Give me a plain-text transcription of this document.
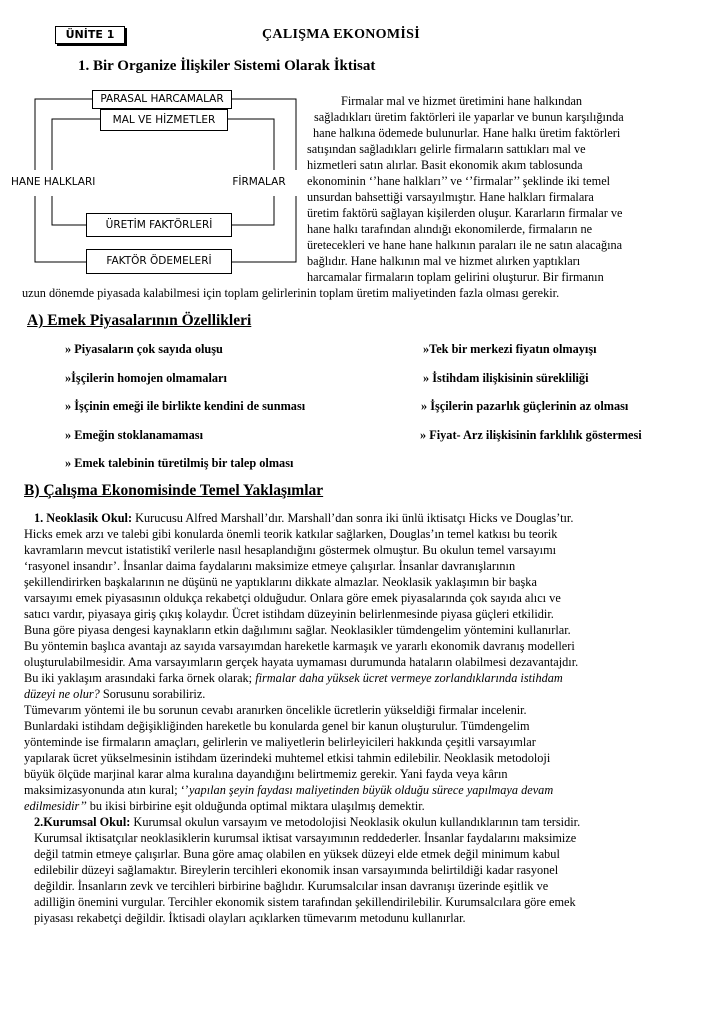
ÜNİTE 1	ÇALIŞMA EKONOMİSİ
1. Bir Organize İlişkiler Sistemi Olarak İktisat
PARASAL HARCAMALAR
MAL VE HİZMETLER
HANE HALKLARI	FİRMALAR
ÜRETİM FAKTÖRLERİ
FAKTÖR ÖDEMELERİ
Firmalar mal ve hizmet üretimini hane halkından
sağladıkları üretim faktörleri ile yaparlar ve bunun karşılığında
hane halkına ödemede bulunurlar. Hane halkı üretim faktörleri
satışından sağladıkları gelirle firmaların sattıkları mal ve
hizmetleri satın alırlar. Basit ekonomik akım tablosunda
ekonominin ‘’hane halkları’’ ve ‘’firmalar’’ şeklinde iki temel
unsurdan bahsettiği varsayılmıştır. Hane halkları firmalara
üretim faktörü sağlayan kişilerden oluşur. Kararların firmalar ve
hane halkı tarafından alındığı ekonomilerde, firmaların ne
üretecekleri ve hane hane halkının paraları ile ne satın alacağına
bağlıdır. Hane halkının mal ve hizmet alırken yaptıkları
harcamalar firmaların toplam gelirini oluşturur. Bir firmanın
uzun dönemde piyasada kalabilmesi için toplam gelirlerinin toplam üretim maliyetinden fazla olması gerekir.
A) Emek Piyasalarının Özellikleri
» Piyasaların çok sayıda oluşu
»İşçilerin homojen olmamaları
» İşçinin emeği ile birlikte kendini de sunması
» Emeğin stoklanamaması
» Emek talebinin türetilmiş bir talep olması
»Tek bir merkezi fiyatın olmayışı
» İstihdam ilişkisinin sürekliliği
» İşçilerin pazarlık güçlerinin az olması
» Fiyat- Arz ilişkisinin farklılık göstermesi
B) Çalışma Ekonomisinde Temel Yaklaşımlar
1. Neoklasik Okul: Kurucusu Alfred Marshall’dır. Marshall’dan sonra iki ünlü iktisatçı Hicks ve Douglas’tır.
Hicks emek arzı ve talebi gibi konularda önemli teorik katkılar sağlarken, Douglas’ın temel katkısı bu teorik
kavramların mevcut istatistikî verilerle nasıl hesaplandığını göstermek olmuştur. Bu okulun temel varsayımı
‘rasyonel insandır’. İnsanlar daima faydalarını maksimize etmeye çalışırlar. İnsanlar davranışlarının
şekillendirirken başkalarının ne düşünü ne yaptıklarını dikkate almazlar. Neoklasik yaklaşımın bir başka
varsayımı emek piyasasının oldukça rekabetçi olduğudur. Onlara göre emek piyasalarında çok sayıda alıcı ve
satıcı vardır, piyasaya giriş çıkış kolaydır. Ücret istihdam düzeyinin belirlenmesinde piyasa güçleri etkilidir.
Buna göre piyasa dengesi kaynakların etkin dağılımını sağlar. Neoklasikler tümdengelim yöntemini kullanırlar.
Bu yöntemin başlıca avantajı az sayıda varsayımdan hareketle karmaşık ve yararlı ekonomik davranış modelleri
oluşturulabilmesidir. Ama varsayımların gerçek hayata uymaması durumunda hataların olabilmesi dezavantajdır.
Bu iki yaklaşım arasındaki farka örnek olarak; firmalar daha yüksek ücret vermeye zorlandıklarında istihdam
düzeyi ne olur? Sorusunu sorabiliriz.
Tümevarım yöntemi ile bu sorunun cevabı aranırken öncelikle ücretlerin yükseldiği firmalar incelenir.
Bunlardaki istihdam değişikliğinden hareketle bu konularda genel bir kanun oluşturulur. Tümdengelim
yönteminde ise firmaların amaçları, gelirlerin ve maliyetlerin belirleyicileri hakkında çeşitli varsayımlar
yapılarak ücret yükselmesinin istihdam üzerindeki muhtemel etkisi tahmin edilebilir. Neoklasik metodoloji
büyük ölçüde marjinal karar alma kuralına dayandığını belirtmemiz gerekir. Yani fayda veya kârın
maksimizasyonunda atın kural; ‘’yapılan şeyin faydası maliyetinden büyük olduğu sürece yapılmaya devam
edilmesidir’’ bu ikisi birbirine eşit olduğunda optimal miktara ulaşılmış demektir.
2.Kurumsal Okul: Kurumsal okulun varsayım ve metodolojisi Neoklasik okulun kullandıklarının tam tersidir.
Kurumsal iktisatçılar neoklasiklerin kurumsal iktisat varsayımının reddederler. İnsanlar faydalarını maksimize
değil tatmin etmeye çalışırlar. Buna göre amaç olabilen en yüksek düzeyi elde etmek değil minimum kabul
edilebilir düzeyi sağlamaktır. Bireylerin tercihleri ekonomik insan varsayımında belirtildiği kadar rasyonel
değildir. İnsanların zevk ve tercihleri birbirine bağlıdır. Kurumsalcılar insan davranışı üzerinde eşitlik ve
adilliğin önemini vurgular. Tercihler ekonomik sistem tarafından şekillendirilebilir. Kurumsalcılara göre emek
piyasası rekabetçi değildir. İktisadi olayları açıklarken tümevarım metodunu kullanırlar.
